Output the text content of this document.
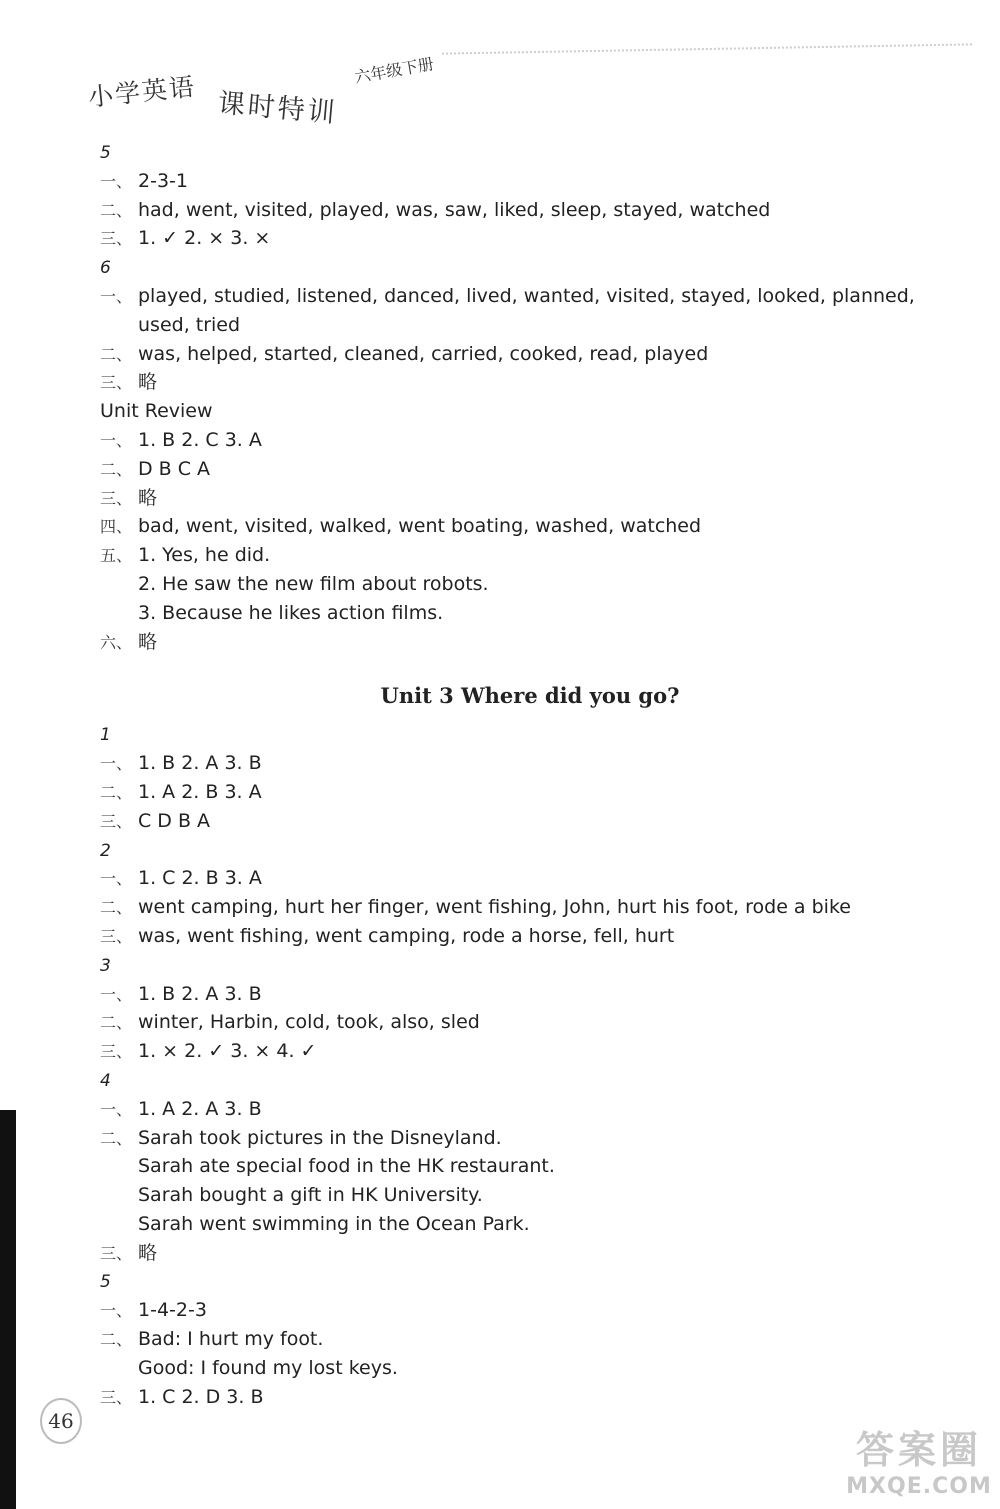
小学英语 课时特训
六年级下册
5
一、 2-3-1
二、 had, went, visited, played, was, saw, liked, sleep, stayed, watched
三、 1. ✓ 2. × 3. ×
6
一、 played, studied, listened, danced, lived, wanted, visited, stayed, looked, planned, used, tried
二、 was, helped, started, cleaned, carried, cooked, read, played
三、 略
Unit Review
一、 1. B 2. C 3. A
二、 D B C A
三、 略
四、 bad, went, visited, walked, went boating, washed, watched
五、 1. Yes, he did.
2. He saw the new film about robots.
3. Because he likes action films.
六、 略
Unit 3 Where did you go?
1
一、 1. B 2. A 3. B
二、 1. A 2. B 3. A
三、 C D B A
2
一、 1. C 2. B 3. A
二、 went camping, hurt her finger, went fishing, John, hurt his foot, rode a bike
三、 was, went fishing, went camping, rode a horse, fell, hurt
3
一、 1. B 2. A 3. B
二、 winter, Harbin, cold, took, also, sled
三、 1. × 2. ✓ 3. × 4. ✓
4
一、 1. A 2. A 3. B
二、 Sarah took pictures in the Disneyland.
Sarah ate special food in the HK restaurant.
Sarah bought a gift in HK University.
Sarah went swimming in the Ocean Park.
三、 略
5
一、 1-4-2-3
二、 Bad: I hurt my foot.
Good: I found my lost keys.
三、 1. C 2. D 3. B
46
答案圈
MXQE.COM
